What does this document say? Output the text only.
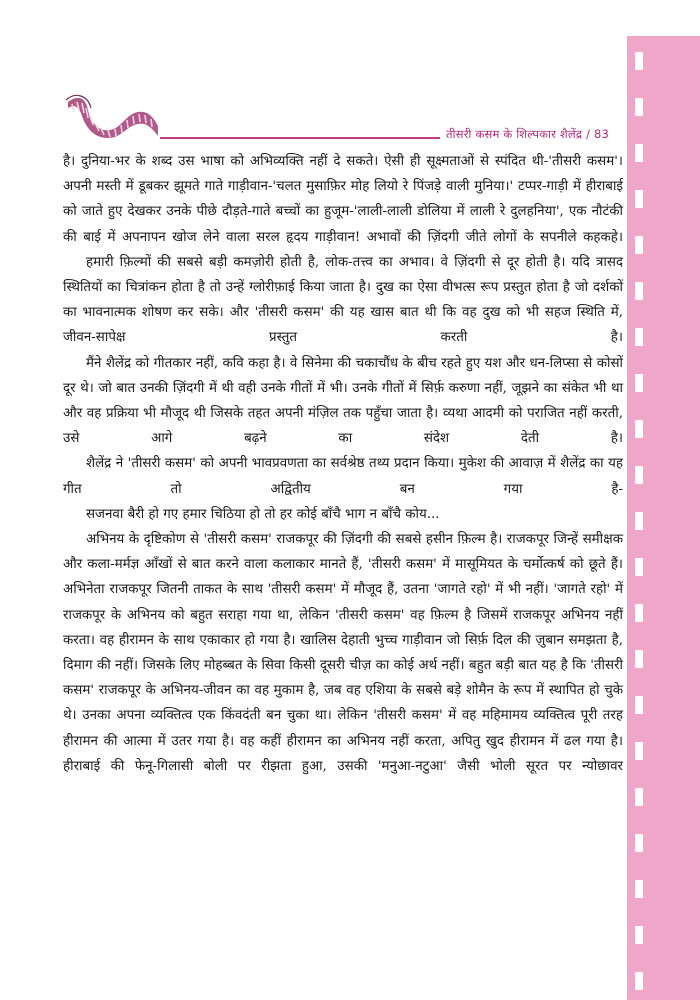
तीसरी कसम के शिल्पकार शैलेंद्र / 83

है। दुनिया-भर के शब्द उस भाषा को अभिव्यक्ति नहीं दे सकते। ऐसी ही सूक्ष्मताओं से स्पंदित थी-'तीसरी कसम'। अपनी मस्ती में डूबकर झूमते गाते गाड़ीवान-'चलत मुसाफ़िर मोह लियो रे पिंजड़े वाली मुनिया।' टप्पर-गाड़ी में हीराबाई को जाते हुए देखकर उनके पीछे दौड़ते-गाते बच्चों का हुजूम-'लाली-लाली डोलिया में लाली रे दुलहनिया', एक नौटंकी की बाई में अपनापन खोज लेने वाला सरल हृदय गाड़ीवान! अभावों की ज़िंदगी जीते लोगों के सपनीले कहकहे।

हमारी फ़िल्मों की सबसे बड़ी कमज़ोरी होती है, लोक-तत्त्व का अभाव। वे ज़िंदगी से दूर होती है। यदि त्रासद स्थितियों का चित्रांकन होता है तो उन्हें ग्लोरीफ़ाई किया जाता है। दुख का ऐसा वीभत्स रूप प्रस्तुत होता है जो दर्शकों का भावनात्मक शोषण कर सके। और 'तीसरी कसम' की यह खास बात थी कि वह दुख को भी सहज स्थिति में, जीवन-सापेक्ष प्रस्तुत करती है।

मैंने शैलेंद्र को गीतकार नहीं, कवि कहा है। वे सिनेमा की चकाचौंध के बीच रहते हुए यश और धन-लिप्सा से कोसों दूर थे। जो बात उनकी ज़िंदगी में थी वही उनके गीतों में भी। उनके गीतों में सिर्फ़ करुणा नहीं, जूझने का संकेत भी था और वह प्रक्रिया भी मौजूद थी जिसके तहत अपनी मंज़िल तक पहुँचा जाता है। व्यथा आदमी को पराजित नहीं करती, उसे आगे बढ़ने का संदेश देती है।

शैलेंद्र ने 'तीसरी कसम' को अपनी भावप्रवणता का सर्वश्रेष्ठ तथ्य प्रदान किया। मुकेश की आवाज़ में शैलेंद्र का यह गीत तो अद्वितीय बन गया है-

सजनवा बैरी हो गए हमार चिठिया हो तो हर कोई बाँचै भाग न बाँचै कोय...

अभिनय के दृष्टिकोण से 'तीसरी कसम' राजकपूर की ज़िंदगी की सबसे हसीन फ़िल्म है। राजकपूर जिन्हें समीक्षक और कला-मर्मज्ञ आँखों से बात करने वाला कलाकार मानते हैं, 'तीसरी कसम' में मासूमियत के चर्मोत्कर्ष को छूते हैं। अभिनेता राजकपूर जितनी ताकत के साथ 'तीसरी कसम' में मौजूद हैं, उतना 'जागते रहो' में भी नहीं। 'जागते रहो' में राजकपूर के अभिनय को बहुत सराहा गया था, लेकिन 'तीसरी कसम' वह फ़िल्म है जिसमें राजकपूर अभिनय नहीं करता। वह हीरामन के साथ एकाकार हो गया है। खालिस देहाती भुच्च गाड़ीवान जो सिर्फ़ दिल की ज़ुबान समझता है, दिमाग की नहीं। जिसके लिए मोहब्बत के सिवा किसी दूसरी चीज़ का कोई अर्थ नहीं। बहुत बड़ी बात यह है कि 'तीसरी कसम' राजकपूर के अभिनय-जीवन का वह मुकाम है, जब वह एशिया के सबसे बड़े शोमैन के रूप में स्थापित हो चुके थे। उनका अपना व्यक्तित्व एक किंवदंती बन चुका था। लेकिन 'तीसरी कसम' में वह महिमामय व्यक्तित्व पूरी तरह हीरामन की आत्मा में उतर गया है। वह कहीं हीरामन का अभिनय नहीं करता, अपितु खुद हीरामन में ढल गया है। हीराबाई की फेनू-गिलासी बोली पर रीझता हुआ, उसकी 'मनुआ-नटुआ' जैसी भोली सूरत पर न्योछावर
